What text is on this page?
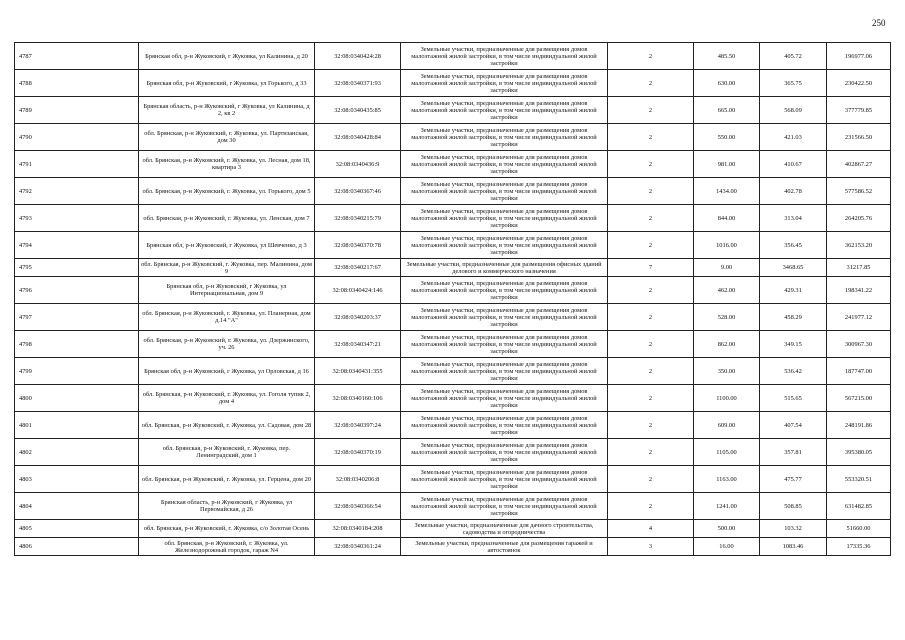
250
4787	Брянская обл, р-н Жуковский, г Жуковка, ул Калинина, д 20	32:08:0340424:28	Земельные участки, предназначенные для размещения домов малоэтажной жилой застройки, в том числе индивидуальной жилой застройки	2	485.50	405.72	196977.06
4788	Брянская обл, р-н Жуковский, г Жуковка, ул Горького, д 33	32:08:0340371:93	Земельные участки, предназначенные для размещения домов малоэтажной жилой застройки, в том числе индивидуальной жилой застройки	2	630.00	365.75	230422.50
4789	Брянская область, р-н Жуковский, г Жуковка, ул Калинина, д 2, кв 2	32:08:0340435:85	Земельные участки, предназначенные для размещения домов малоэтажной жилой застройки, в том числе индивидуальной жилой застройки	2	665.00	568.09	377779.85
4790	обл. Брянская, р-н Жуковский, г. Жуковка, ул. Партизанская, дом 30	32:08:0340428:84	Земельные участки, предназначенные для размещения домов малоэтажной жилой застройки, в том числе индивидуальной жилой застройки	2	550.00	421.03	231566.50
4791	обл. Брянская, р-н Жуковский, г. Жуковка, ул. Лесная, дом 18, квартира 3	32:08:0340436:9	Земельные участки, предназначенные для размещения домов малоэтажной жилой застройки, в том числе индивидуальной жилой застройки	2	981.00	410.67	402867.27
4792	обл. Брянская, р-н Жуковский, г. Жуковка, ул. Горького, дом 5	32:08:0340367:46	Земельные участки, предназначенные для размещения домов малоэтажной жилой застройки, в том числе индивидуальной жилой застройки	2	1434.00	402.78	577586.52
4793	обл. Брянская, р-н Жуковский, г. Жуковка, ул. Ленская, дом 7	32:08:0340215:79	Земельные участки, предназначенные для размещения домов малоэтажной жилой застройки, в том числе индивидуальной жилой застройки	2	844.00	313.04	264205.76
4794	Брянская обл, р-н Жуковский, г Жуковка, ул Шевченко, д 3	32:08:0340370:78	Земельные участки, предназначенные для размещения домов малоэтажной жилой застройки, в том числе индивидуальной жилой застройки	2	1016.00	356.45	362153.20
4795	обл. Брянская, р-н Жуковский, г. Жуковка, пер. Малинина, дом 9	32:08:0340217:67	Земельные участки, предназначенные для размещения офисных зданий делового и коммерческого назначения	7	9.00	3468.65	31217.85
4796	Брянская обл, р-н Жуковский, г Жуковка, ул Интернациональная, дом 9	32:08:0340424:146	Земельные участки, предназначенные для размещения домов малоэтажной жилой застройки, в том числе индивидуальной жилой застройки	2	462.00	429.31	198341.22
4797	обл. Брянская, р-н Жуковский, г. Жуковка, ул. Планерная, дом д.14 "А"	32:08:0340203:37	Земельные участки, предназначенные для размещения домов малоэтажной жилой застройки, в том числе индивидуальной жилой застройки	2	528.00	458.29	241977.12
4798	обл. Брянская, р-н Жуковский, г. Жуковка, ул. Дзержинского, уч. 26	32:08:0340347:21	Земельные участки, предназначенные для размещения домов малоэтажной жилой застройки, в том числе индивидуальной жилой застройки	2	862.00	349.15	300967.30
4799	Брянская обл, р-н Жуковский, г Жуковка, ул Орловская, д 16	32:08:0340431:355	Земельные участки, предназначенные для размещения домов малоэтажной жилой застройки, в том числе индивидуальной жилой застройки	2	350.00	536.42	187747.00
4800	обл. Брянская, р-н Жуковский, г. Жуковка, ул. Гоголя тупик 2, дом 4	32:08:0340160:106	Земельные участки, предназначенные для размещения домов малоэтажной жилой застройки, в том числе индивидуальной жилой застройки	2	1100.00	515.65	567215.00
4801	обл. Брянская, р-н Жуковский, г. Жуковка, ул. Садовая, дом 28	32:08:0340397:24	Земельные участки, предназначенные для размещения домов малоэтажной жилой застройки, в том числе индивидуальной жилой застройки	2	609.00	407.54	248191.86
4802	обл. Брянская, р-н Жуковский, г. Жуковка, пер. Ленинградский, дом 1	32:08:0340370:19	Земельные участки, предназначенные для размещения домов малоэтажной жилой застройки, в том числе индивидуальной жилой застройки	2	1105.00	357.81	395380.05
4803	обл. Брянская, р-н Жуковский, г. Жуковка, ул. Герцена, дом 20	32:08:0340206:8	Земельные участки, предназначенные для размещения домов малоэтажной жилой застройки, в том числе индивидуальной жилой застройки	2	1163.00	475.77	553320.51
4804	Брянская область, р-н Жуковский, г Жуковка, ул Первомайская, д 26	32:08:0340366:54	Земельные участки, предназначенные для размещения домов малоэтажной жилой застройки, в том числе индивидуальной жилой застройки	2	1241.00	508.85	631482.85
4805	обл. Брянская, р-н Жуковский, г. Жуковка, с/о Золотая Осень	32:08:0340184:208	Земельные участки, предназначенные для дачного строительства, садоводства и огородничества	4	500.00	103.32	51660.00
4806	обл. Брянская, р-н Жуковский, г. Жуковка, ул. Железнодорожный городок, гараж N4	32:08:0340361:24	Земельные участки, предназначенные для размещения гаражей и автостоянок	3	16.00	1083.46	17335.36
